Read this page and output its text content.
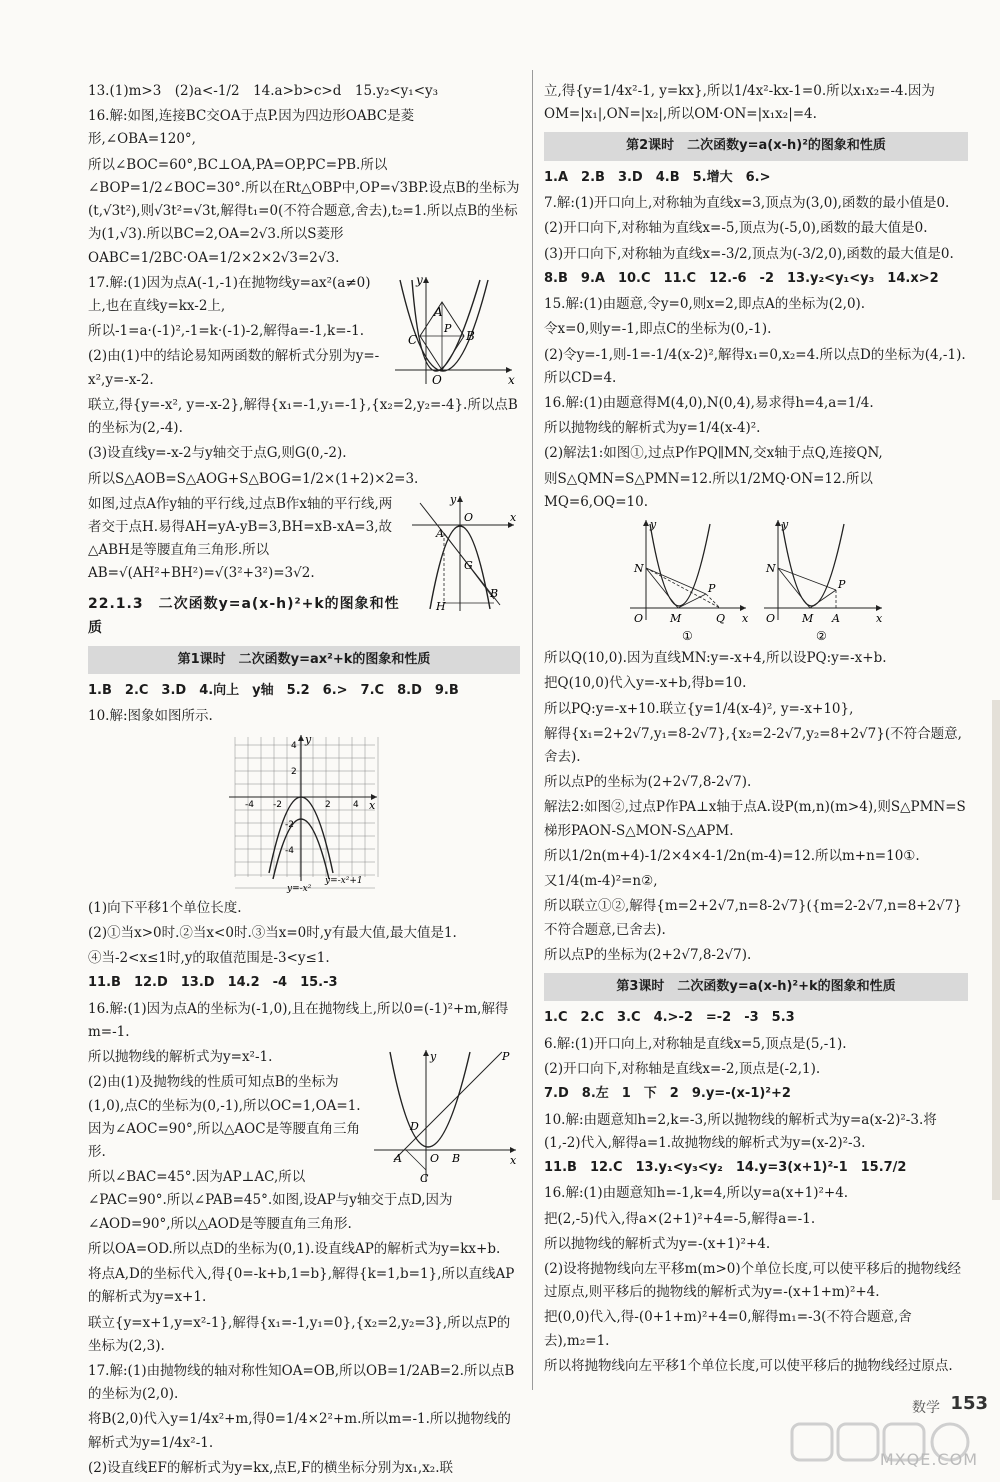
13.(1)m>3　(2)a<-1/2　14.a>b>c>d　15.y₂<y₁<y₃
16.解:如图,连接BC交OA于点P.因为四边形OABC是菱形,∠OBA=120°,
所以∠BOC=60°,BC⊥OA,PA=OP,PC=PB.所以∠BOP=1/2∠BOC=30°.所以在Rt△OBP中,OP=√3BP.设点B的坐标为(t,√3t²),则√3t²=√3t,解得t₁=0(不符合题意,舍去),t₂=1.所以点B的坐标为(1,√3).所以BC=2,OA=2√3.所以S菱形OABC=1/2BC·OA=1/2×2×2√3=2√3.
A
B
C
P
O	x
y
17.解:(1)因为点A(-1,-1)在抛物线y=ax²(a≠0)上,也在直线y=kx-2上,
所以-1=a·(-1)²,-1=k·(-1)-2,解得a=-1,k=-1.
(2)由(1)中的结论易知两函数的解析式分别为y=-x²,y=-x-2.
联立,得{y=-x², y=-x-2},解得{x₁=-1,y₁=-1},{x₂=2,y₂=-4}.所以点B的坐标为(2,-4).
(3)设直线y=-x-2与y轴交于点G,则G(0,-2).
所以S△AOB=S△AOG+S△BOG=1/2×(1+2)×2=3.
A
G
B
H
O	x
y
如图,过点A作y轴的平行线,过点B作x轴的平行线,两者交于点H.易得AH=yA-yB=3,BH=xB-xA=3,故△ABH是等腰直角三角形.所以AB=√(AH²+BH²)=√(3²+3²)=3√2.
22.1.3　二次函数y=a(x-h)²+k的图象和性质
第1课时　二次函数y=ax²+k的图象和性质
1.B　2.C　3.D　4.向上　y轴　5.2　6.>　7.C　8.D　9.B
10.解:图象如图所示.
x
y
-4 -2	2 4
4
2
-2
-4
y=-x²
y=-x²+1
(1)向下平移1个单位长度.
(2)①当x>0时.②当x<0时.③当x=0时,y有最大值,最大值是1.
④当-2<x≤1时,y的取值范围是-3<y≤1.
11.B　12.D　13.D　14.2　-4　15.-3
16.解:(1)因为点A的坐标为(-1,0),且在抛物线上,所以0=(-1)²+m,解得m=-1.
D
A	O B
C
P
x
y
所以抛物线的解析式为y=x²-1.
(2)由(1)及抛物线的性质可知点B的坐标为(1,0),点C的坐标为(0,-1),所以OC=1,OA=1.因为∠AOC=90°,所以△AOC是等腰直角三角形.
所以∠BAC=45°.因为AP⊥AC,所以∠PAC=90°.所以∠PAB=45°.如图,设AP与y轴交于点D,因为∠AOD=90°,所以△AOD是等腰直角三角形.
所以OA=OD.所以点D的坐标为(0,1).设直线AP的解析式为y=kx+b.
将点A,D的坐标代入,得{0=-k+b,1=b},解得{k=1,b=1},所以直线AP的解析式为y=x+1.
联立{y=x+1,y=x²-1},解得{x₁=-1,y₁=0},{x₂=2,y₂=3},所以点P的坐标为(2,3).
17.解:(1)由抛物线的轴对称性知OA=OB,所以OB=1/2AB=2.所以点B的坐标为(2,0).
将B(2,0)代入y=1/4x²+m,得0=1/4×2²+m.所以m=-1.所以抛物线的解析式为y=1/4x²-1.
(2)设直线EF的解析式为y=kx,点E,F的横坐标分别为x₁,x₂.联
立,得{y=1/4x²-1, y=kx},所以1/4x²-kx-1=0.所以x₁x₂=-4.因为OM=|x₁|,ON=|x₂|,所以OM·ON=|x₁x₂|=4.
第2课时　二次函数y=a(x-h)²的图象和性质
1.A　2.B　3.D　4.B　5.增大　6.>
7.解:(1)开口向上,对称轴为直线x=3,顶点为(3,0),函数的最小值是0.
(2)开口向下,对称轴为直线x=-5,顶点为(-5,0),函数的最大值是0.
(3)开口向下,对称轴为直线x=-3/2,顶点为(-3/2,0),函数的最大值是0.
8.B　9.A　10.C　11.C　12.-6　-2　13.y₂<y₁<y₃　14.x>2
15.解:(1)由题意,令y=0,则x=2,即点A的坐标为(2,0).
令x=0,则y=-1,即点C的坐标为(0,-1).
(2)令y=-1,则-1=-1/4(x-2)²,解得x₁=0,x₂=4.所以点D的坐标为(4,-1).所以CD=4.
16.解:(1)由题意得M(4,0),N(0,4),易求得h=4,a=1/4.
所以抛物线的解析式为y=1/4(x-4)².
(2)解法1:如图①,过点P作PQ∥MN,交x轴于点Q,连接QN,
则S△QMN=S△PMN=12.所以1/2MQ·ON=12.所以MQ=6,OQ=10.
N
P
O M	Q x
y
①
N
P
O M A	x
y
②
所以Q(10,0).因为直线MN:y=-x+4,所以设PQ:y=-x+b.
把Q(10,0)代入y=-x+b,得b=10.
所以PQ:y=-x+10.联立{y=1/4(x-4)², y=-x+10},
解得{x₁=2+2√7,y₁=8-2√7},{x₂=2-2√7,y₂=8+2√7}(不符合题意,舍去).
所以点P的坐标为(2+2√7,8-2√7).
解法2:如图②,过点P作PA⊥x轴于点A.设P(m,n)(m>4),则S△PMN=S梯形PAON-S△MON-S△APM.
所以1/2n(m+4)-1/2×4×4-1/2n(m-4)=12.所以m+n=10①.
又1/4(m-4)²=n②,
所以联立①②,解得{m=2+2√7,n=8-2√7}({m=2-2√7,n=8+2√7}不符合题意,已舍去).
所以点P的坐标为(2+2√7,8-2√7).
第3课时　二次函数y=a(x-h)²+k的图象和性质
1.C　2.C　3.C　4.>-2　=-2　-3　5.3
6.解:(1)开口向上,对称轴是直线x=5,顶点是(5,-1).
(2)开口向下,对称轴是直线x=-2,顶点是(-2,1).
7.D　8.左　1　下　2　9.y=-(x-1)²+2
10.解:由题意知h=2,k=-3,所以抛物线的解析式为y=a(x-2)²-3.将(1,-2)代入,解得a=1.故抛物线的解析式为y=(x-2)²-3.
11.B　12.C　13.y₁<y₃<y₂　14.y=3(x+1)²-1　15.7/2
16.解:(1)由题意知h=-1,k=4,所以y=a(x+1)²+4.
把(2,-5)代入,得a×(2+1)²+4=-5,解得a=-1.
所以抛物线的解析式为y=-(x+1)²+4.
(2)设将抛物线向左平移m(m>0)个单位长度,可以使平移后的抛物线经过原点,则平移后的抛物线的解析式为y=-(x+1+m)²+4.
把(0,0)代入,得-(0+1+m)²+4=0,解得m₁=-3(不符合题意,舍去),m₂=1.
所以将抛物线向左平移1个单位长度,可以使平移后的抛物线经过原点.
数学 153
MXQE.COM
